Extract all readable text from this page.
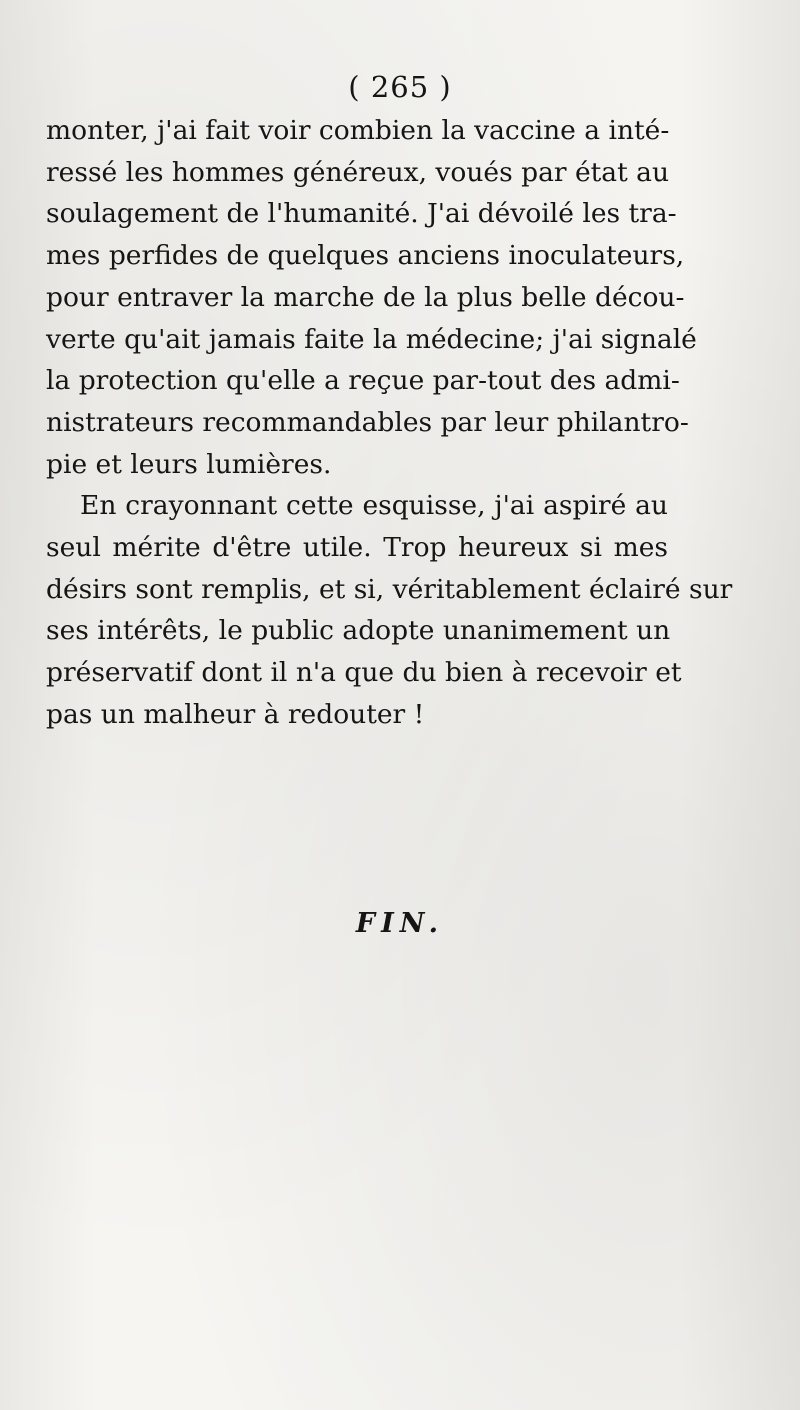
( 265 )
monter, j'ai fait voir combien la vaccine a inté-
ressé les hommes généreux, voués par état au
soulagement de l'humanité. J'ai dévoilé les tra-
mes perfides de quelques anciens inoculateurs,
pour entraver la marche de la plus belle décou-
verte qu'ait jamais faite la médecine; j'ai signalé
la protection qu'elle a reçue par-tout des admi-
nistrateurs recommandables par leur philantro-
pie et leurs lumières.
En crayonnant cette esquisse, j'ai aspiré au
seul mérite d'être utile. Trop heureux si mes
désirs sont remplis, et si, véritablement éclairé sur
ses intérêts, le public adopte unanimement un
préservatif dont il n'a que du bien à recevoir et
pas un malheur à redouter !
FIN.
